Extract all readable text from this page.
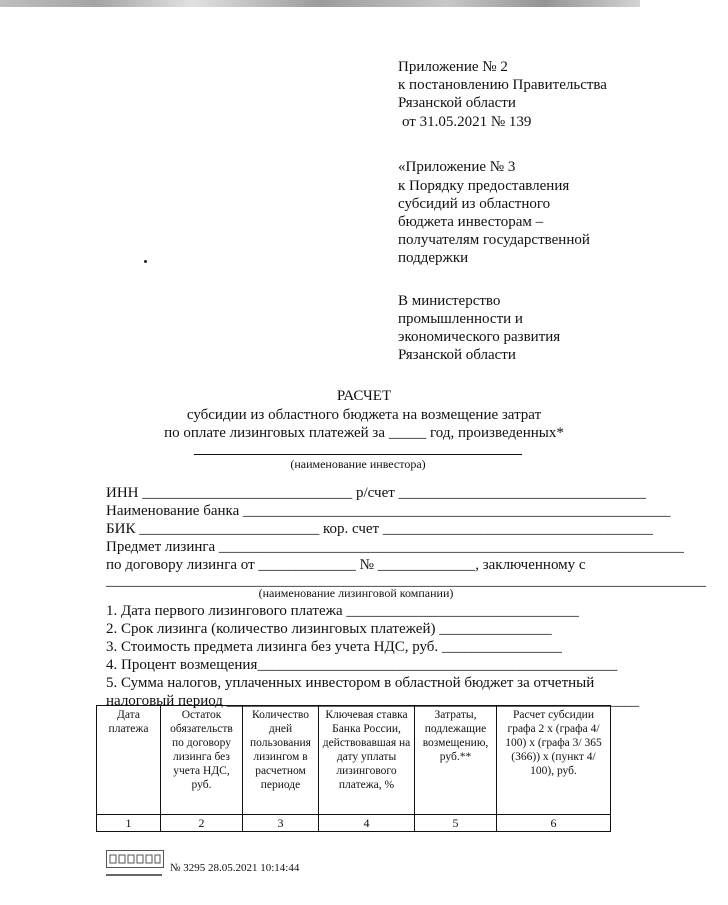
Приложение № 2
к постановлению Правительства
Рязанской области
от 31.05.2021 № 139
«Приложение № 3
к Порядку предоставления
субсидий из областного
бюджета инвесторам –
получателям государственной
поддержки
В министерство
промышленности и
экономического развития
Рязанской области
РАСЧЕТ
субсидии из областного бюджета на возмещение затрат
по оплате лизинговых платежей за _____ год, произведенных*
(наименование инвестора)
ИНН ____________________________ р/счет _________________________________
Наименование банка _________________________________________________________
БИК ________________________ кор. счет ____________________________________
Предмет лизинга ______________________________________________________________
по договору лизинга от _____________ № _____________, заключенному с
________________________________________________________________________________
(наименование лизинговой компании)
1. Дата первого лизингового платежа _______________________________
2. Срок лизинга (количество лизинговых платежей) _______________
3. Стоимость предмета лизинга без учета НДС, руб. ________________
4. Процент возмещения________________________________________________
5. Сумма налогов, уплаченных инвестором в областной бюджет за отчетный
налоговый период _______________________________________________________
Дата платежа	Остаток обязательств по договору лизинга без учета НДС, руб.	Количество дней пользования лизингом в расчетном периоде	Ключевая ставка Банка России, действовавшая на дату уплаты лизингового платежа, %	Затраты, подлежащие возмещению, руб.**	Расчет субсидии графа 2 х (графа 4/ 100) х (графа 3/ 365 (366)) х (пункт 4/ 100), руб.
1	2	3	4	5	6
№ 3295 28.05.2021 10:14:44
